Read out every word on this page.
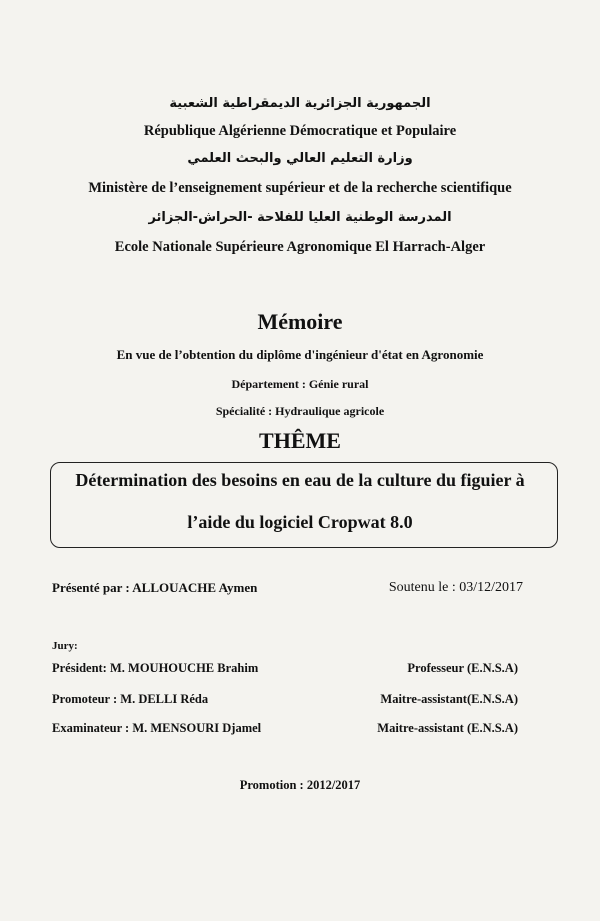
الجمهورية الجزائرية الديمقراطية الشعبية
République Algérienne Démocratique et Populaire
وزارة التعليم العالي والبحث العلمي
Ministère de l’enseignement supérieur et de la recherche scientifique
المدرسة الوطنية العليا للفلاحة -الحراش-الجزائر
Ecole Nationale Supérieure Agronomique El Harrach-Alger
Mémoire
En vue de l’obtention du diplôme d'ingénieur d'état en Agronomie
Département : Génie rural
Spécialité : Hydraulique agricole
THÊME
Détermination des besoins en eau de la culture du figuier à
l’aide du logiciel Cropwat 8.0
Présenté par : ALLOUACHE Aymen	Soutenu le : 03/12/2017
Jury:
Président: M. MOUHOUCHE Brahim	Professeur (E.N.S.A)
Promoteur : M. DELLI Réda	Maitre-assistant(E.N.S.A)
Examinateur : M. MENSOURI Djamel	Maitre-assistant (E.N.S.A)
Promotion : 2012/2017
